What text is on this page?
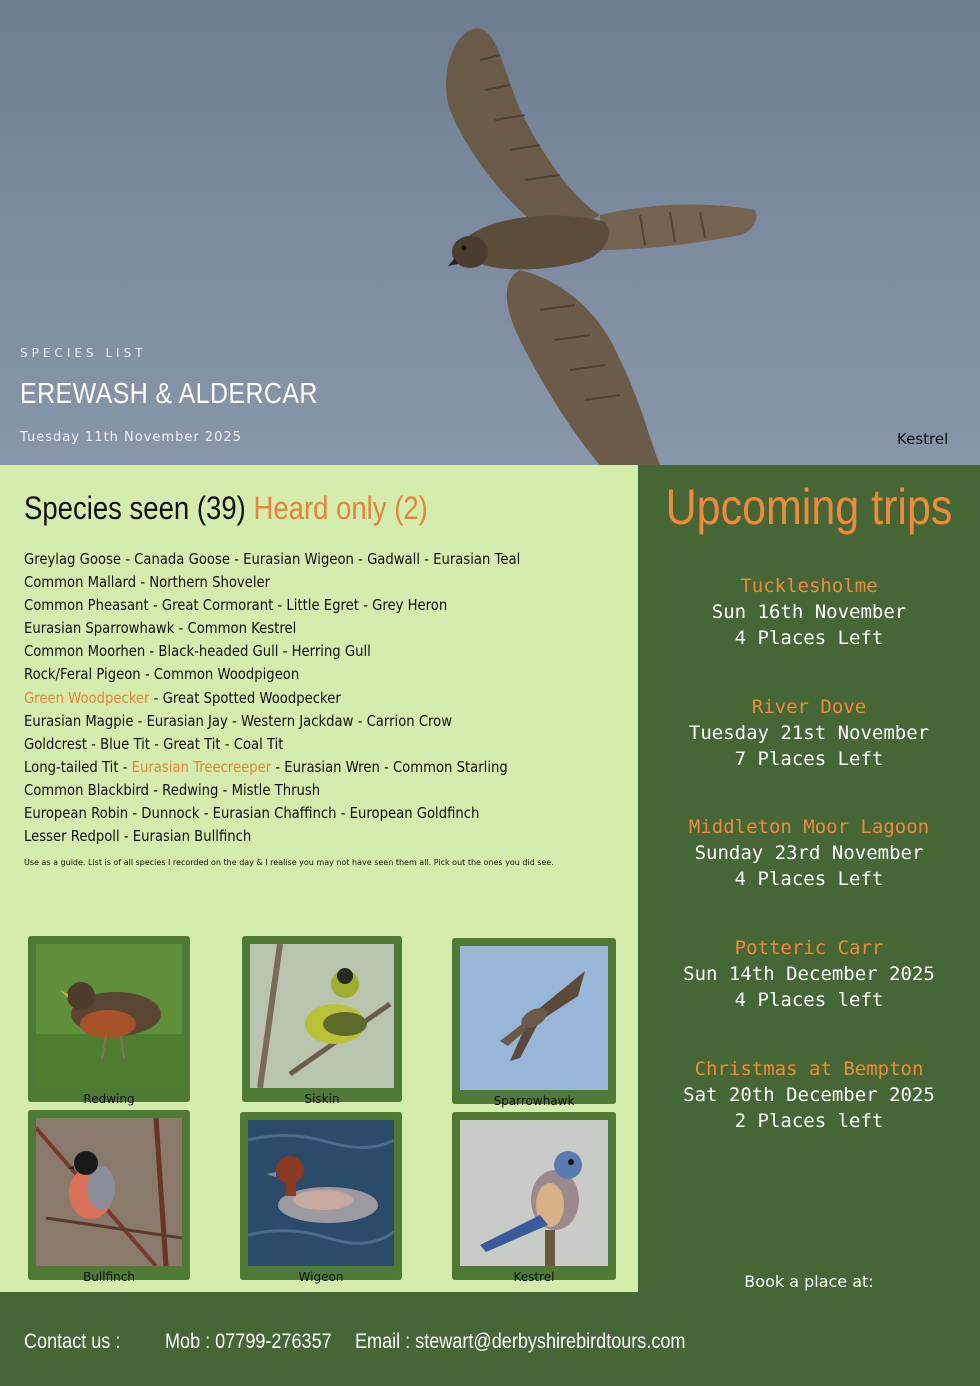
SPECIES LIST
EREWASH & ALDERCAR
Tuesday 11th November 2025	Kestrel
Species seen (39) Heard only (2)
Greylag Goose - Canada Goose - Eurasian Wigeon - Gadwall - Eurasian Teal
Common Mallard - Northern Shoveler
Common Pheasant - Great Cormorant - Little Egret - Grey Heron
Eurasian Sparrowhawk - Common Kestrel
Common Moorhen - Black-headed Gull - Herring Gull
Rock/Feral Pigeon - Common Woodpigeon
Green Woodpecker - Great Spotted Woodpecker
Eurasian Magpie - Eurasian Jay - Western Jackdaw - Carrion Crow
Goldcrest - Blue Tit - Great Tit - Coal Tit
Long-tailed Tit - Eurasian Treecreeper - Eurasian Wren - Common Starling
Common Blackbird - Redwing - Mistle Thrush
European Robin - Dunnock - Eurasian Chaffinch - European Goldfinch
Lesser Redpoll - Eurasian Bullfinch
Use as a guide. List is of all species I recorded on the day & I realise you may not have seen them all. Pick out the ones you did see.
Redwing	Siskin	Sparrowhawk
Bullfinch	Wigeon	Kestrel
Upcoming trips
Tucklesholme
Sun 16th November
4 Places Left
River Dove
Tuesday 21st November
7 Places Left
Middleton Moor Lagoon
Sunday 23rd November
4 Places Left
Potteric Carr
Sun 14th December 2025
4 Places left
Christmas at Bempton
Sat 20th December 2025
2 Places left
Book a place at:
Contact us : Mob : 07799-276357 Email : stewart@derbyshirebirdtours.com
